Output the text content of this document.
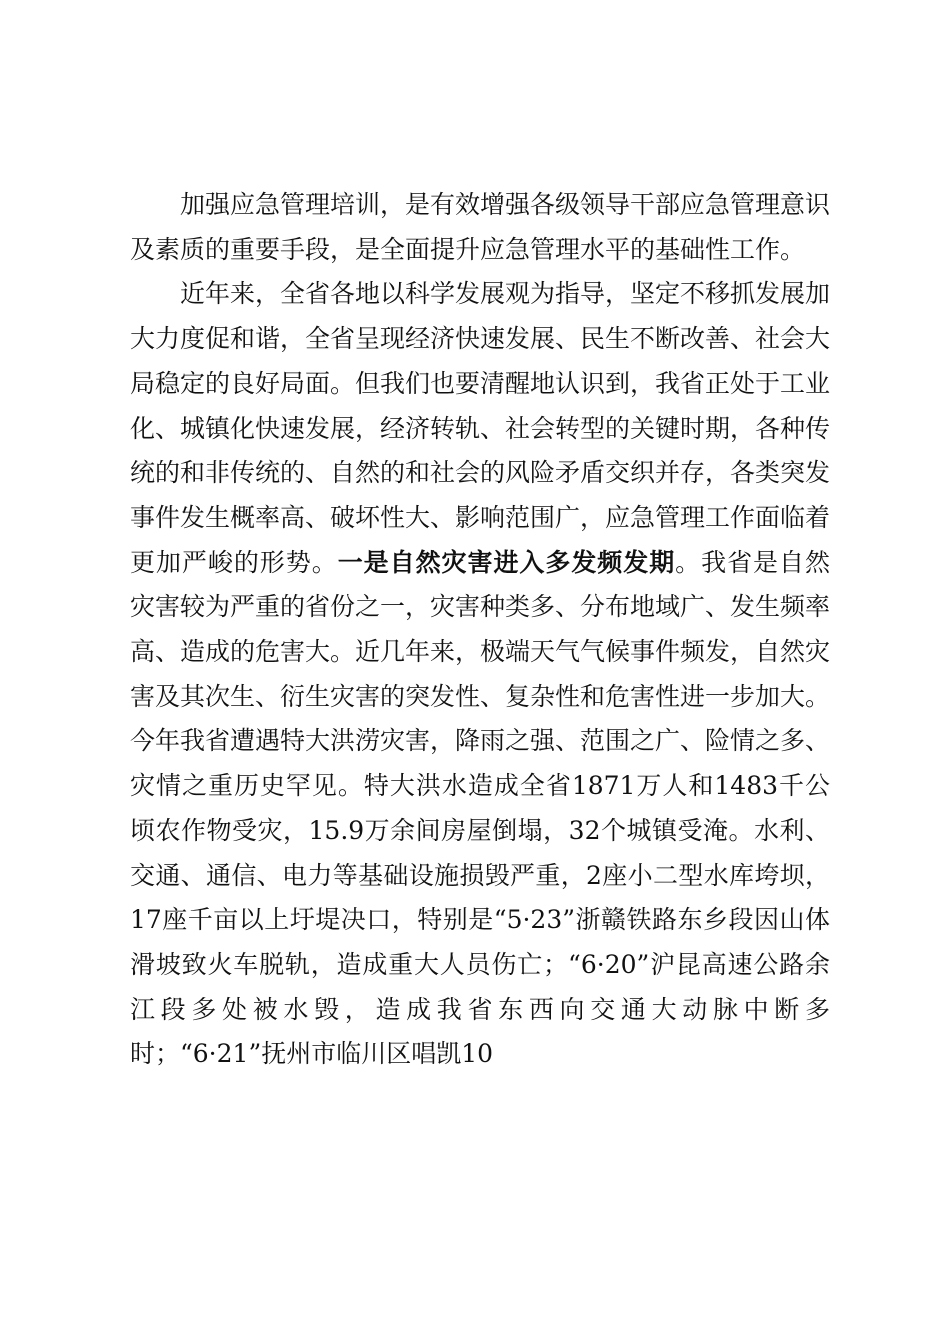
加强应急管理培训，是有效增强各级领导干部应急管理意识及素质的重要手段，是全面提升应急管理水平的基础性工作。

近年来，全省各地以科学发展观为指导，坚定不移抓发展加大力度促和谐，全省呈现经济快速发展、民生不断改善、社会大局稳定的良好局面。但我们也要清醒地认识到，我省正处于工业化、城镇化快速发展，经济转轨、社会转型的关键时期，各种传统的和非传统的、自然的和社会的风险矛盾交织并存，各类突发事件发生概率高、破坏性大、影响范围广，应急管理工作面临着更加严峻的形势。一是自然灾害进入多发频发期。我省是自然灾害较为严重的省份之一，灾害种类多、分布地域广、发生频率高、造成的危害大。近几年来，极端天气气候事件频发，自然灾害及其次生、衍生灾害的突发性、复杂性和危害性进一步加大。今年我省遭遇特大洪涝灾害，降雨之强、范围之广、险情之多、灾情之重历史罕见。特大洪水造成全省1871万人和1483千公顷农作物受灾，15.9万余间房屋倒塌，32个城镇受淹。水利、交通、通信、电力等基础设施损毁严重，2座小二型水库垮坝，17座千亩以上圩堤决口，特别是“5·23”浙赣铁路东乡段因山体滑坡致火车脱轨，造成重大人员伤亡；“6·20”沪昆高速公路余江段多处被水毁，造成我省东西向交通大动脉中断多时；“6·21”抚州市临川区唱凯10
